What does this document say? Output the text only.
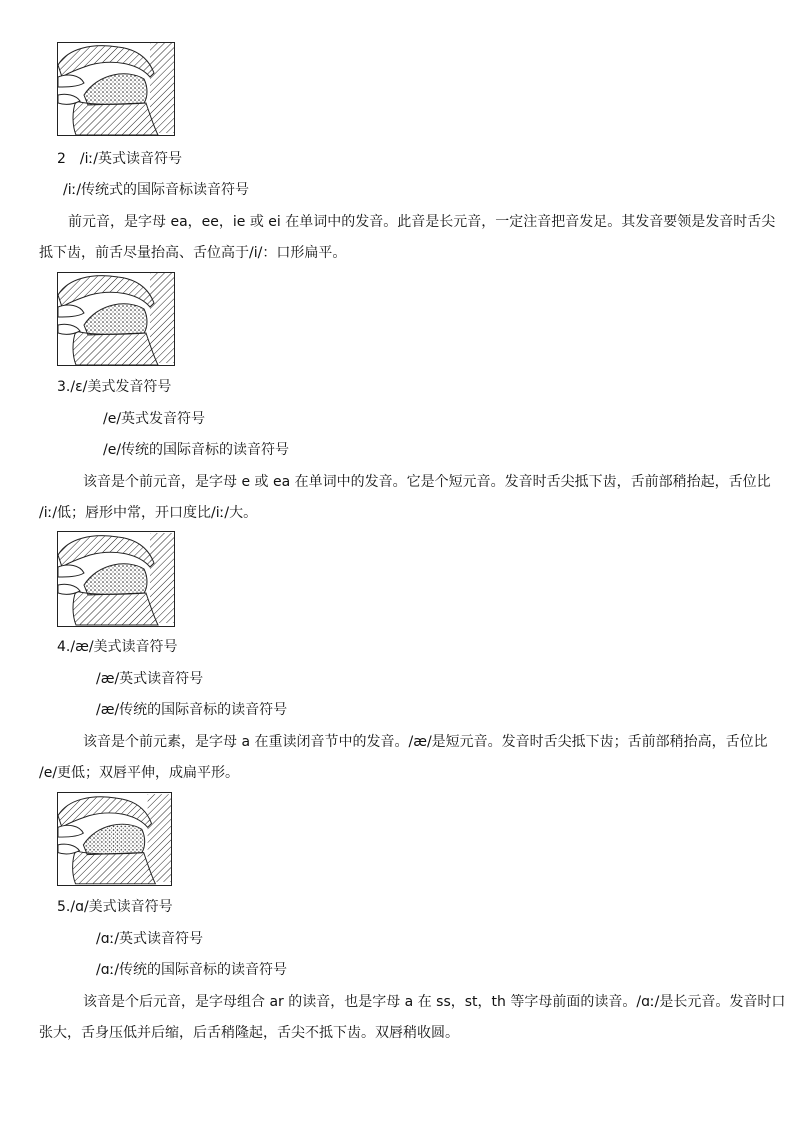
2　/iː/英式读音符号
/iː/传统式的国际音标读音符号
前元音，是字母 ea，ee，ie 或 ei 在单词中的发音。此音是长元音，一定注音把音发足。其发音要领是发音时舌尖
抵下齿，前舌尽量抬高、舌位高于/i/：口形扁平。
3./ɛ/美式发音符号
/e/英式发音符号
/e/传统的国际音标的读音符号
该音是个前元音，是字母 e 或 ea 在单词中的发音。它是个短元音。发音时舌尖抵下齿，舌前部稍抬起，舌位比
/iː/低；唇形中常，开口度比/iː/大。
4./æ/美式读音符号
/æ/英式读音符号
/æ/传统的国际音标的读音符号
该音是个前元素，是字母 a 在重读闭音节中的发音。/æ/是短元音。发音时舌尖抵下齿；舌前部稍抬高，舌位比
/e/更低；双唇平伸，成扁平形。
5./ɑ/美式读音符号
/ɑː/英式读音符号
/ɑː/传统的国际音标的读音符号
该音是个后元音，是字母组合 ar 的读音，也是字母 a 在 ss，st，th 等字母前面的读音。/ɑː/是长元音。发音时口
张大，舌身压低并后缩，后舌稍隆起，舌尖不抵下齿。双唇稍收圆。
